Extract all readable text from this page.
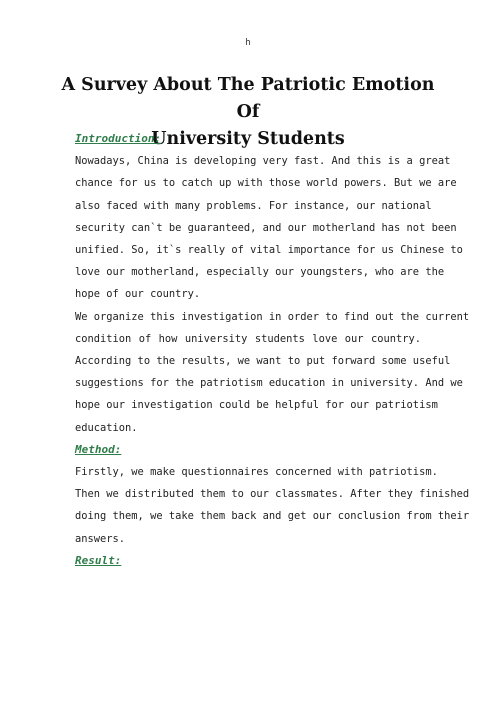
h
A Survey About The Patriotic Emotion Of
University Students
Introduction:
Nowadays, China is developing very fast. And this is a great
chance for us to catch up with those world powers. But we are
also faced with many problems. For instance, our national
security can`t be guaranteed, and our motherland has not been
unified. So, it`s really of vital importance for us Chinese to
love our motherland, especially our youngsters, who are the
hope of our country.
We organize this investigation in order to find out the current
condition of how university students love our country.
According to the results, we want to put forward some useful
suggestions for the patriotism education in university. And we
hope our investigation could be helpful for our patriotism
education.
Method:
Firstly, we make questionnaires concerned with patriotism.
Then we distributed them to our classmates. After they finished
doing them, we take them back and get our conclusion from their
answers.
Result:
